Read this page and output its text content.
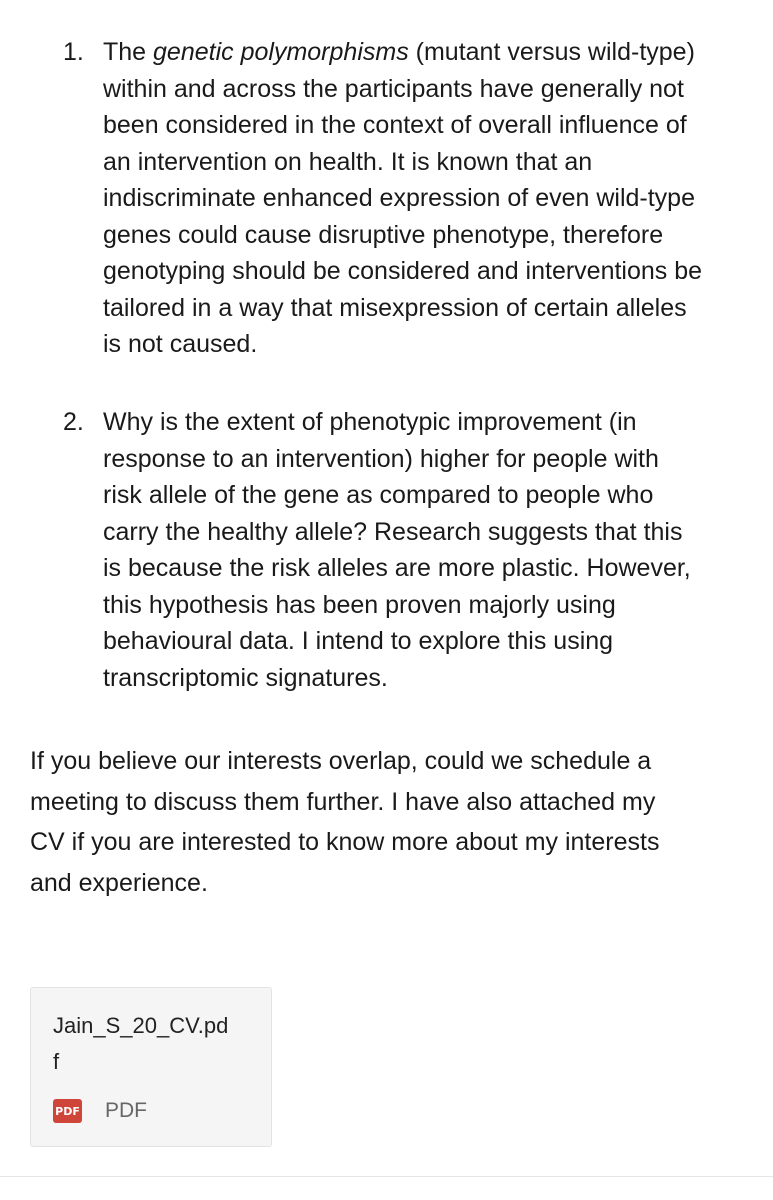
1. The genetic polymorphisms (mutant versus wild-type)
within and across the participants have generally not
been considered in the context of overall influence of
an intervention on health. It is known that an
indiscriminate enhanced expression of even wild-type
genes could cause disruptive phenotype, therefore
genotyping should be considered and interventions be
tailored in a way that misexpression of certain alleles
is not caused.
2. Why is the extent of phenotypic improvement (in
response to an intervention) higher for people with
risk allele of the gene as compared to people who
carry the healthy allele? Research suggests that this
is because the risk alleles are more plastic. However,
this hypothesis has been proven majorly using
behavioural data. I intend to explore this using
transcriptomic signatures.
If you believe our interests overlap, could we schedule a
meeting to discuss them further. I have also attached my
CV if you are interested to know more about my interests
and experience.
Jain_S_20_CV.pd
f
PDF PDF
